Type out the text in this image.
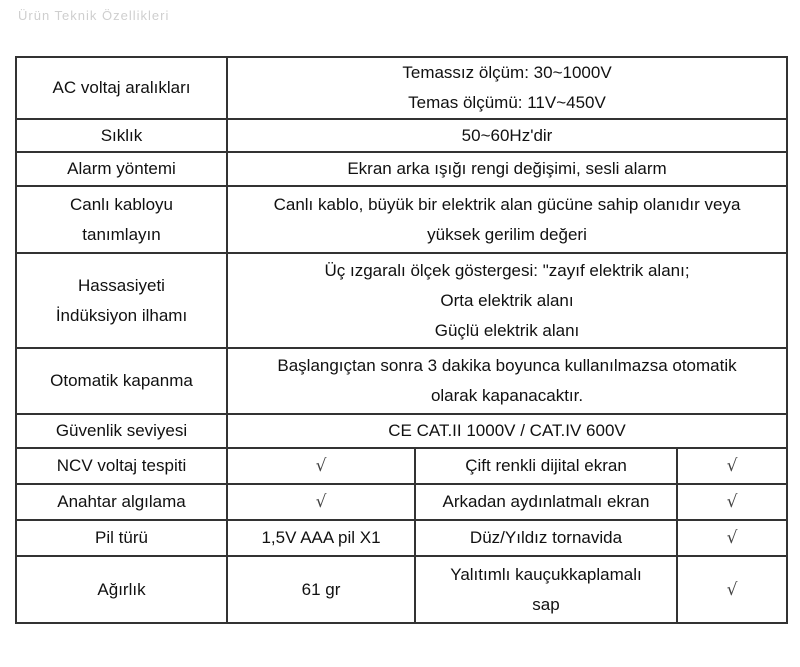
Ürün Teknik Özellikleri
AC voltaj aralıkları	Temassız ölçüm: 30~1000V
Temas ölçümü: 11V~450V		

Sıklık	50~60Hz'dir		
Alarm yöntemi	Ekran arka ışığı rengi değişimi, sesli alarm		

Canlı kabloyu
tanımlayın	Canlı kablo, büyük bir elektrik alan gücüne sahip olanıdır veya
yüksek gerilim değeri		

Hassasiyeti
İndüksiyon ilhamı	Üç ızgaralı ölçek göstergesi: "zayıf elektrik alanı;
Orta elektrik alanı
Güçlü elektrik alanı		

Otomatik kapanma	Başlangıçtan sonra 3 dakika boyunca kullanılmazsa otomatik
olarak kapanacaktır.		

Güvenlik seviyesi	CE CAT.II 1000V / CAT.IV 600V		
NCV voltaj tespiti	√	Çift renkli dijital ekran	√
Anahtar algılama	√	Arkadan aydınlatmalı ekran	√
Pil türü	1,5V AAA pil X1	Düz/Yıldız tornavida	√
Ağırlık	61 gr	Yalıtımlı kauçukkaplamalı
sap	√
